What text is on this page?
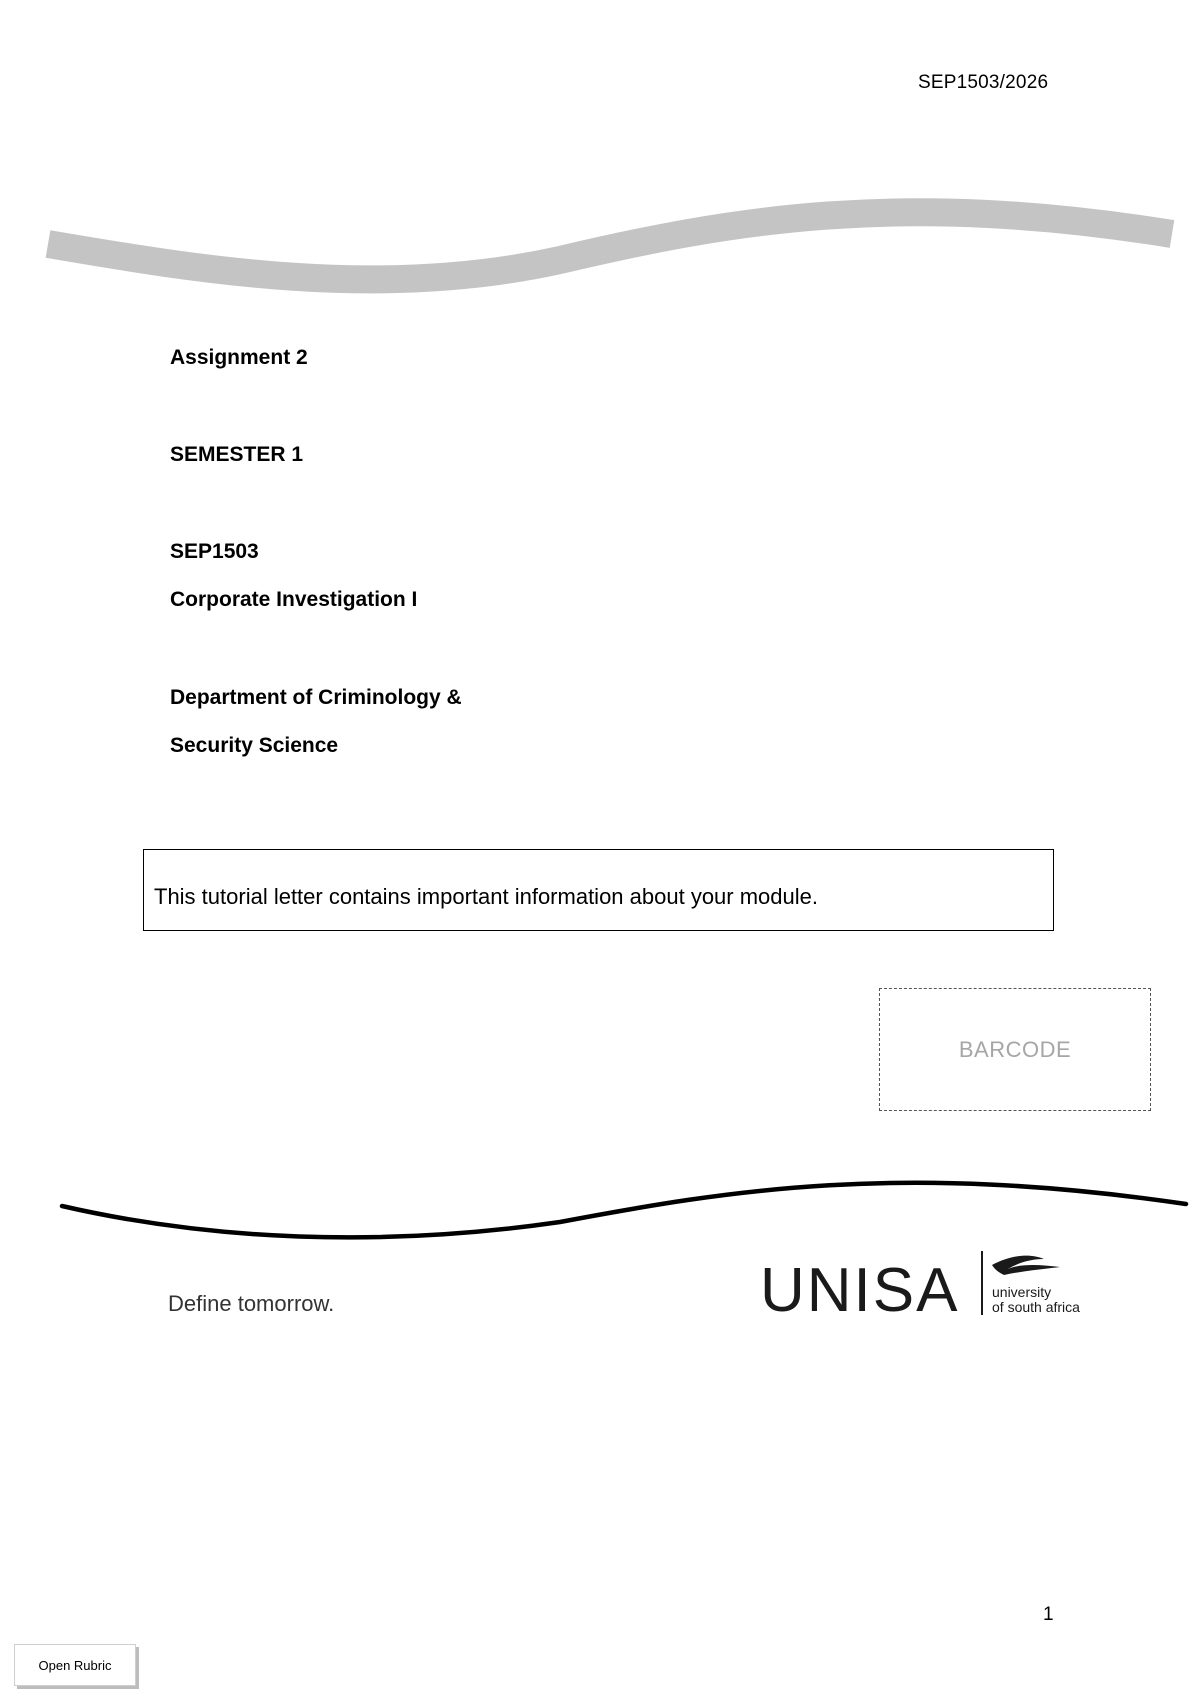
SEP1503/2026
Assignment 2
SEMESTER 1
SEP1503
Corporate Investigation I
Department of Criminology &
Security Science
This tutorial letter contains important information about your module.
BARCODE
Define tomorrow.	UNISA university
of south africa
1
Open Rubric
